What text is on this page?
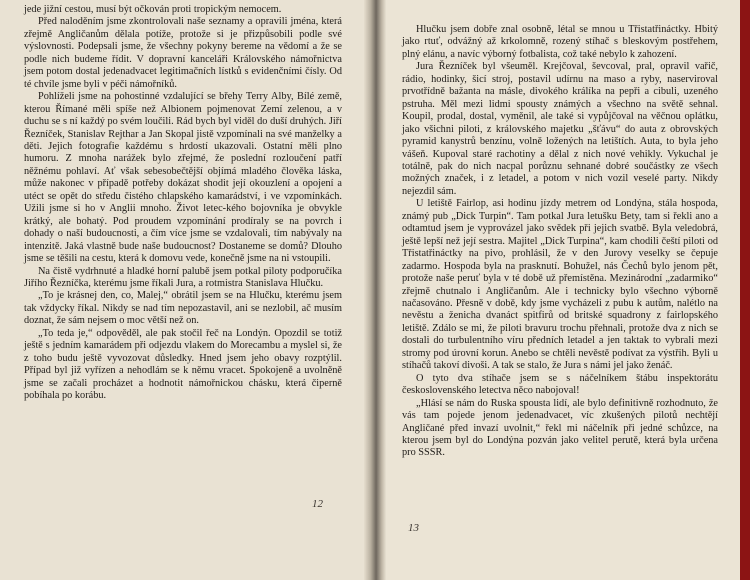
jede jižní cestou, musí být očkován proti tropickým nemocem.

Před naloděním jsme zkontrolovali naše seznamy a opravili jména, která zřejmě Angličanům dělala potíže, protože si je přizpůsobili podle své výslovnosti. Podepsali jsme, že všechny pokyny bereme na vědomí a že se podle nich budeme řídit. V dopravní kanceláři Královského námořnictva jsem potom dostal jedenadvacet legitimačních lístků s evidenčními čísly. Od té chvíle jsme byli v péči námořníků.

Pohlíželi jsme na pohostinné vzdalující se břehy Terry Alby, Bílé země, kterou Římané měli spíše než Albionem pojmenovat Zemí zelenou, a v duchu se s ní každý po svém loučili. Rád bych byl viděl do duší druhých. Jiří Řezníček, Stanislav Rejthar a Jan Skopal jistě vzpomínali na své manželky a děti. Jejich fotografie každému s hrdostí ukazovali. Ostatní měli plno humoru. Z mnoha narážek bylo zřejmé, že poslední rozloučení patří něžnému pohlaví. Ať však sebesobečtější objímá mladého člověka láska, může nakonec v případě potřeby dokázat shodit její okouzlení a opojení a utéct se opět do středu čistého chlapského kamarádství, i ve vzpomínkách. Užili jsme si ho v Anglii mnoho. Život letec-kého bojovníka je obvykle krátký, ale bohatý. Pod proudem vzpomínání prodíraly se na povrch i dohady o naší budoucnosti, a čím více jsme se vzdalovali, tím nabývaly na intenzitě. Jaká vlastně bude naše budoucnost? Dostaneme se domů? Dlouho jsme se těšili na cestu, která k domovu vede, konečně jsme na ni vstoupili.

Na čistě vydrhnuté a hladké horní palubě jsem potkal piloty podporučíka Jiřího Řezníčka, kterému jsme říkali Jura, a rotmistra Stanislava Hlučku.

„To je krásnej den, co, Malej,“ obrátil jsem se na Hlučku, kterému jsem tak vždycky říkal. Nikdy se nad tím nepozastavil, ani se nezlobil, ač musím doznat, že sám nejsem o moc větší než on.

„To teda je,“ odpověděl, ale pak stočil řeč na Londýn. Opozdil se totiž ještě s jedním kamarádem při odjezdu vlakem do Morecambu a myslel si, že z toho budu ještě vyvozovat důsledky. Hned jsem jeho obavy rozptýlil. Případ byl již vyřízen a nehodlám se k němu vracet. Spokojeně a uvolněně jsme se začali procházet a hodnotit námořnickou chásku, která čiperně pobíhala po korábu.

12

Hlučku jsem dobře znal osobně, létal se mnou u Třistatřináctky. Hbitý jako rtuť, odvážný až krkolomně, rozený stíhač s bleskovým postřehem, plný elánu, a navíc výborný fotbalista, což také nebylo k zahození.

Jura Řezníček byl všeuměl. Krejčoval, ševcoval, pral, opravil vařič, rádio, hodinky, šicí stroj, postavil udírnu na maso a ryby, naserviroval prvotřídně bažanta na másle, divokého králíka na pepři a cibuli, uzeného pstruha. Měl mezi lidmi spousty známých a všechno na světě sehnal. Koupil, prodal, dostal, vyměnil, ale také si vypůjčoval na věčnou oplátku, jako všichni piloti, z královského majetku „šťávu“ do auta z obrovských pyramid kanystrů benzínu, volně ložených na letištích. Auta, to byla jeho vášeň. Kupoval staré rachotiny a dělal z nich nové vehikly. Vykuchal je totálně, pak do nich nacpal porůznu sehnané dobré součástky ze všech možných značek, i z letadel, a potom v nich vozil veselé party. Nikdy nejezdil sám.

U letiště Fairlop, asi hodinu jízdy metrem od Londýna, stála hospoda, známý pub „Dick Turpin“. Tam potkal Jura letušku Bety, tam si řekli ano a odtamtud jsem je vyprovázel jako svědek při jejich svatbě. Byla veledobrá, ještě lepší než její sestra. Majitel „Dick Turpina“, kam chodili čeští piloti od Třistatřináctky na pivo, prohlásil, že v den Jurovy veselky se čepuje zadarmo. Hospoda byla na prasknutí. Bohužel, nás Čechů bylo jenom pět, protože naše peruť byla v té době už přemístěna. Mezinárodní „zadarmiko“ zřejmě chutnalo i Angličanům. Ale i technicky bylo všechno výborně načasováno. Přesně v době, kdy jsme vycházeli z pubu k autům, nalétlo na nevěstu a ženicha dvanáct spitfirů od britské squadrony z fairlopského letiště. Zdálo se mi, že piloti bravuru trochu přehnali, protože dva z nich se dostali do turbulentního víru předních letadel a jen taktak to vybrali mezi stromy pod úrovní korun. Anebo se chtěli nevěstě podívat za výstřih. Byli u stíhačů takoví divoši. A tak se stalo, že Jura s námi jel jako ženáč.

O tyto dva stíhače jsem se s náčelníkem štábu inspektorátu československého letectva něco nabojoval!

„Hlásí se nám do Ruska spousta lidí, ale bylo definitivně rozhodnuto, že vás tam pojede jenom jedenadvacet, víc zkušených pilotů nechtějí Angličané před invazí uvolnit,“ řekl mi náčelník při jedné schůzce, na kterou jsem byl do Londýna pozván jako velitel perutě, která byla určena pro SSSR.

13
